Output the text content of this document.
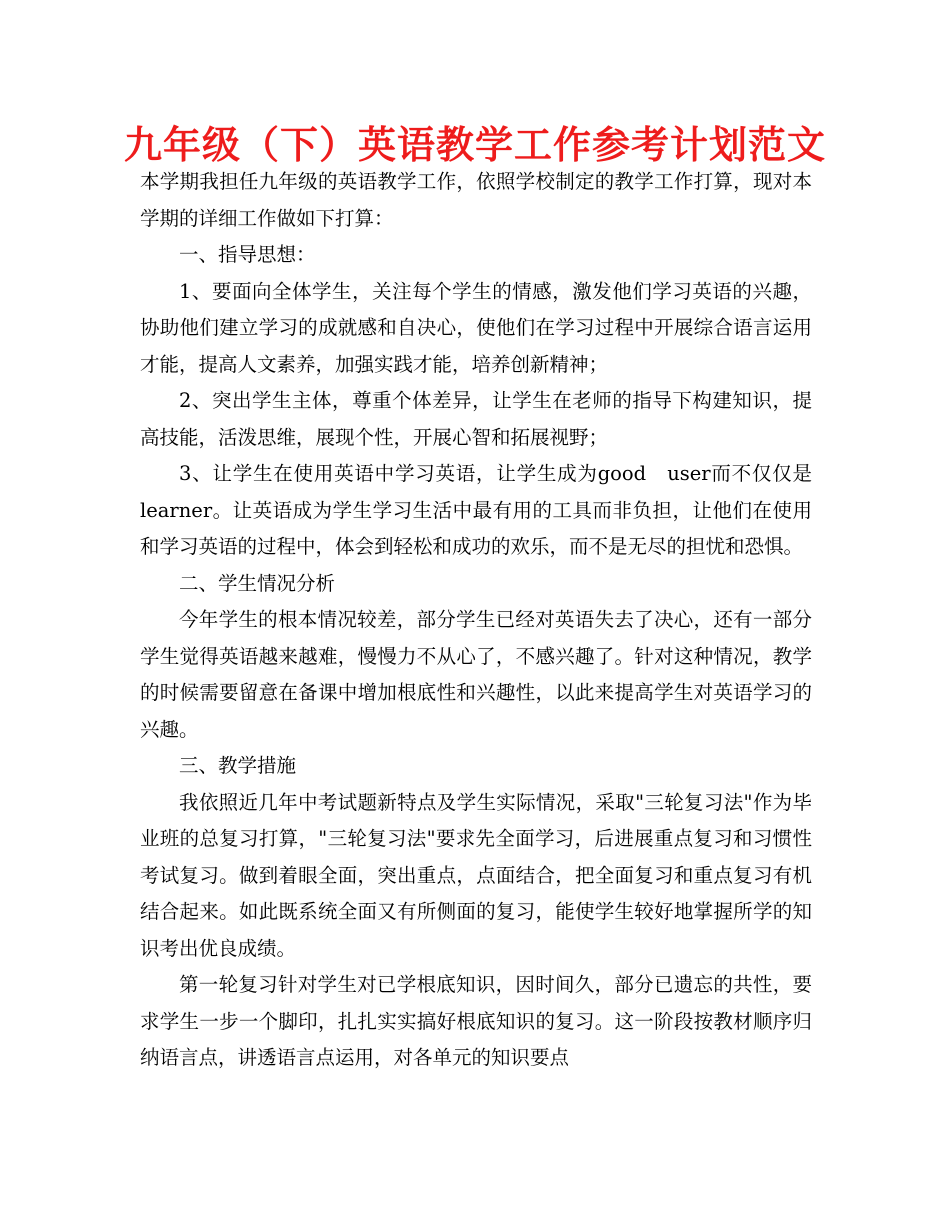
九年级（下）英语教学工作参考计划范文

本学期我担任九年级的英语教学工作，依照学校制定的教学工作打算，现对本学期的详细工作做如下打算：

一、指导思想：

1、要面向全体学生，关注每个学生的情感，激发他们学习英语的兴趣，协助他们建立学习的成就感和自决心，使他们在学习过程中开展综合语言运用才能，提高人文素养，加强实践才能，培养创新精神；

2、突出学生主体，尊重个体差异，让学生在老师的指导下构建知识，提高技能，活泼思维，展现个性，开展心智和拓展视野；

3、让学生在使用英语中学习英语，让学生成为good　user而不仅仅是learner。让英语成为学生学习生活中最有用的工具而非负担，让他们在使用和学习英语的过程中，体会到轻松和成功的欢乐，而不是无尽的担忧和恐惧。

二、学生情况分析

今年学生的根本情况较差，部分学生已经对英语失去了决心，还有一部分学生觉得英语越来越难，慢慢力不从心了，不感兴趣了。针对这种情况，教学的时候需要留意在备课中增加根底性和兴趣性，以此来提高学生对英语学习的兴趣。

三、教学措施

我依照近几年中考试题新特点及学生实际情况，采取"三轮复习法"作为毕业班的总复习打算，"三轮复习法"要求先全面学习，后进展重点复习和习惯性考试复习。做到着眼全面，突出重点，点面结合，把全面复习和重点复习有机结合起来。如此既系统全面又有所侧面的复习，能使学生较好地掌握所学的知识考出优良成绩。

第一轮复习针对学生对已学根底知识，因时间久，部分已遗忘的共性，要求学生一步一个脚印，扎扎实实搞好根底知识的复习。这一阶段按教材顺序归纳语言点，讲透语言点运用，对各单元的知识要点
